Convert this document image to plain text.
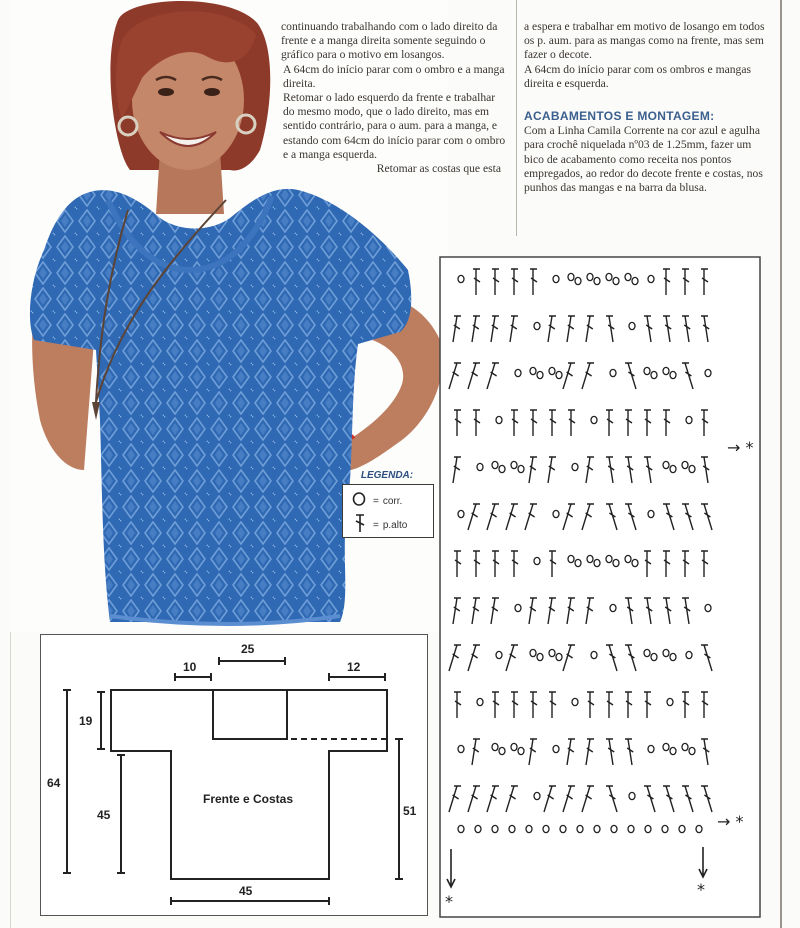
continuando trabalhando com o lado direito da frente e a manga direita somente seguindo o gráfico para o motivo em losangos.

A 64cm do início parar com o ombro e a manga direita.

Retomar o lado esquerdo da frente e trabalhar do mesmo modo, que o lado direito, mas em sentido contrário, para o aum. para a manga, e estando com 64cm do início parar com o ombro e a manga esquerda.

Retomar as costas que esta

a espera e trabalhar em motivo de losango em todos os p. aum. para as mangas como na frente, mas sem fazer o decote.

A 64cm do início parar com os ombros e mangas direita e esquerda.

ACABAMENTOS E MONTAGEM:

Com a Linha Camila Corrente na cor azul e agulha para crochê niquelada nº03 de 1.25mm, fazer um bico de acabamento como receita nos pontos empregados, ao redor do decote frente e costas, nos punhos das mangas e na barra da blusa.

LEGENDA:
= corr.
= p.alto
25
10	12
19
64
45	51
45
Frente e Costas
→ *
→ *
*
*
